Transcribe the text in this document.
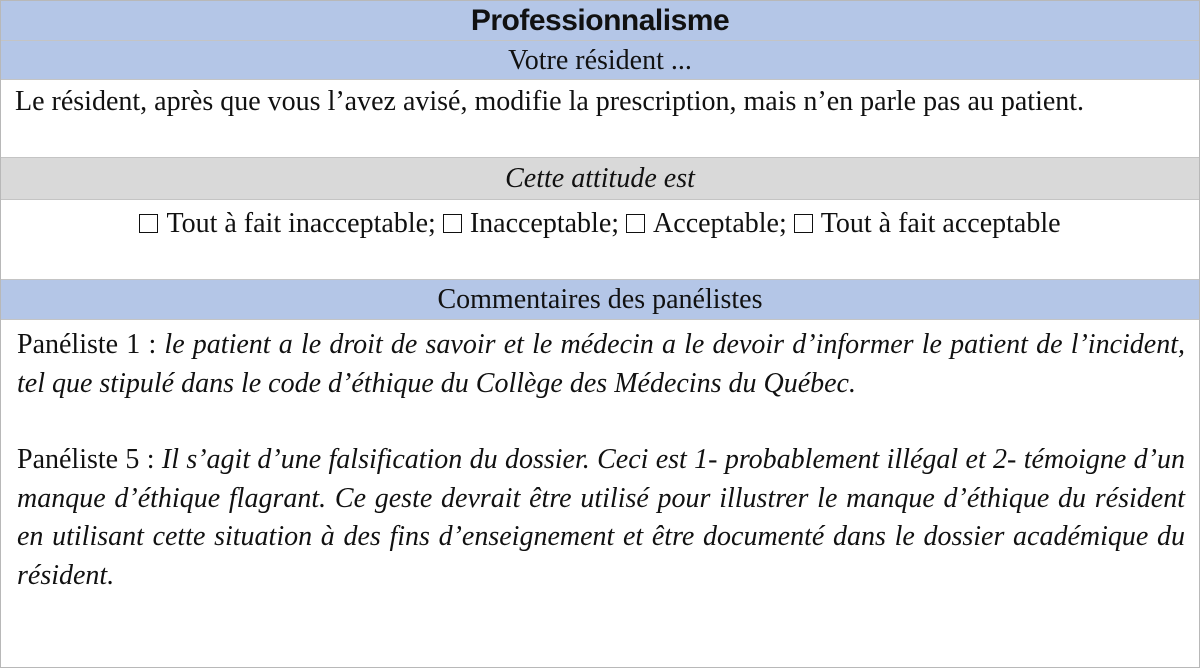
Professionnalisme
Votre résident ...
Le résident, après que vous l’avez avisé, modifie la prescription, mais n’en parle pas au patient.
Cette attitude est
Tout à fait inacceptable; Inacceptable; Acceptable; Tout à fait acceptable
Commentaires des panélistes
Panéliste 1 : le patient a le droit de savoir et le médecin a le devoir d’informer le patient de l’incident, tel que stipulé dans le code d’éthique du Collège des Médecins du Québec.
Panéliste 5 : Il s’agit d’une falsification du dossier. Ceci est 1- probablement illégal et 2- témoigne d’un manque d’éthique flagrant. Ce geste devrait être utilisé pour illustrer le manque d’éthique du résident en utilisant cette situation à des fins d’enseignement et être documenté dans le dossier académique du résident.
